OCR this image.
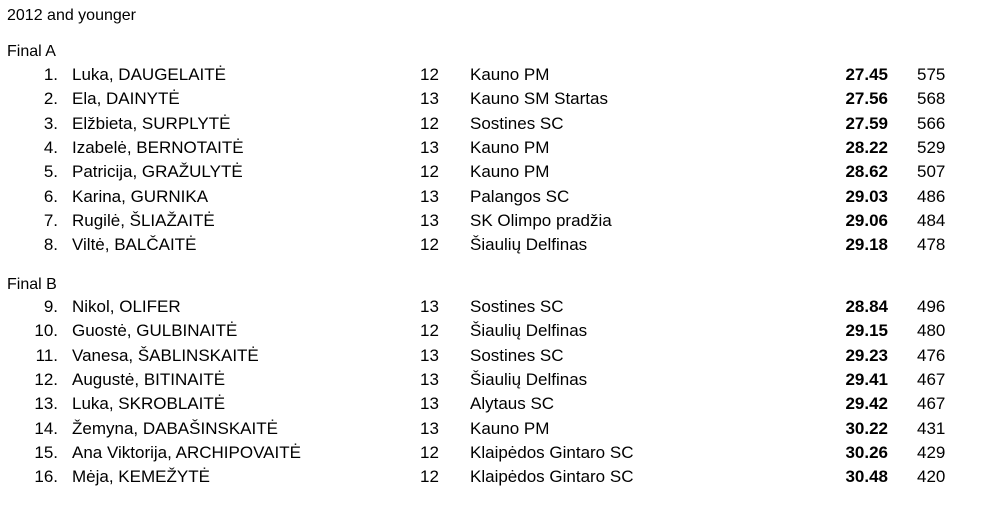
2012 and younger
Final A
1. Luka, DAUGELAITĖ	12 Kauno PM	27.45 575
2. Ela, DAINYTĖ	13 Kauno SM Startas	27.56 568
3. Elžbieta, SURPLYTĖ	12 Sostines SC	27.59 566
4. Izabelė, BERNOTAITĖ	13 Kauno PM	28.22 529
5. Patricija, GRAŽULYTĖ	12 Kauno PM	28.62 507
6. Karina, GURNIKA	13 Palangos SC	29.03 486
7. Rugilė, ŠLIAŽAITĖ	13 SK Olimpo pradžia	29.06 484
8. Viltė, BALČAITĖ	12 Šiaulių Delfinas	29.18 478
Final B
9. Nikol, OLIFER	13 Sostines SC	28.84 496
10. Guostė, GULBINAITĖ	12 Šiaulių Delfinas	29.15 480
11. Vanesa, ŠABLINSKAITĖ	13 Sostines SC	29.23 476
12. Augustė, BITINAITĖ	13 Šiaulių Delfinas	29.41 467
13. Luka, SKROBLAITĖ	13 Alytaus SC	29.42 467
14. Žemyna, DABAŠINSKAITĖ	13 Kauno PM	30.22 431
15. Ana Viktorija, ARCHIPOVAITĖ	12 Klaipėdos Gintaro SC	30.26 429
16. Mėja, KEMEŽYTĖ	12 Klaipėdos Gintaro SC	30.48 420
